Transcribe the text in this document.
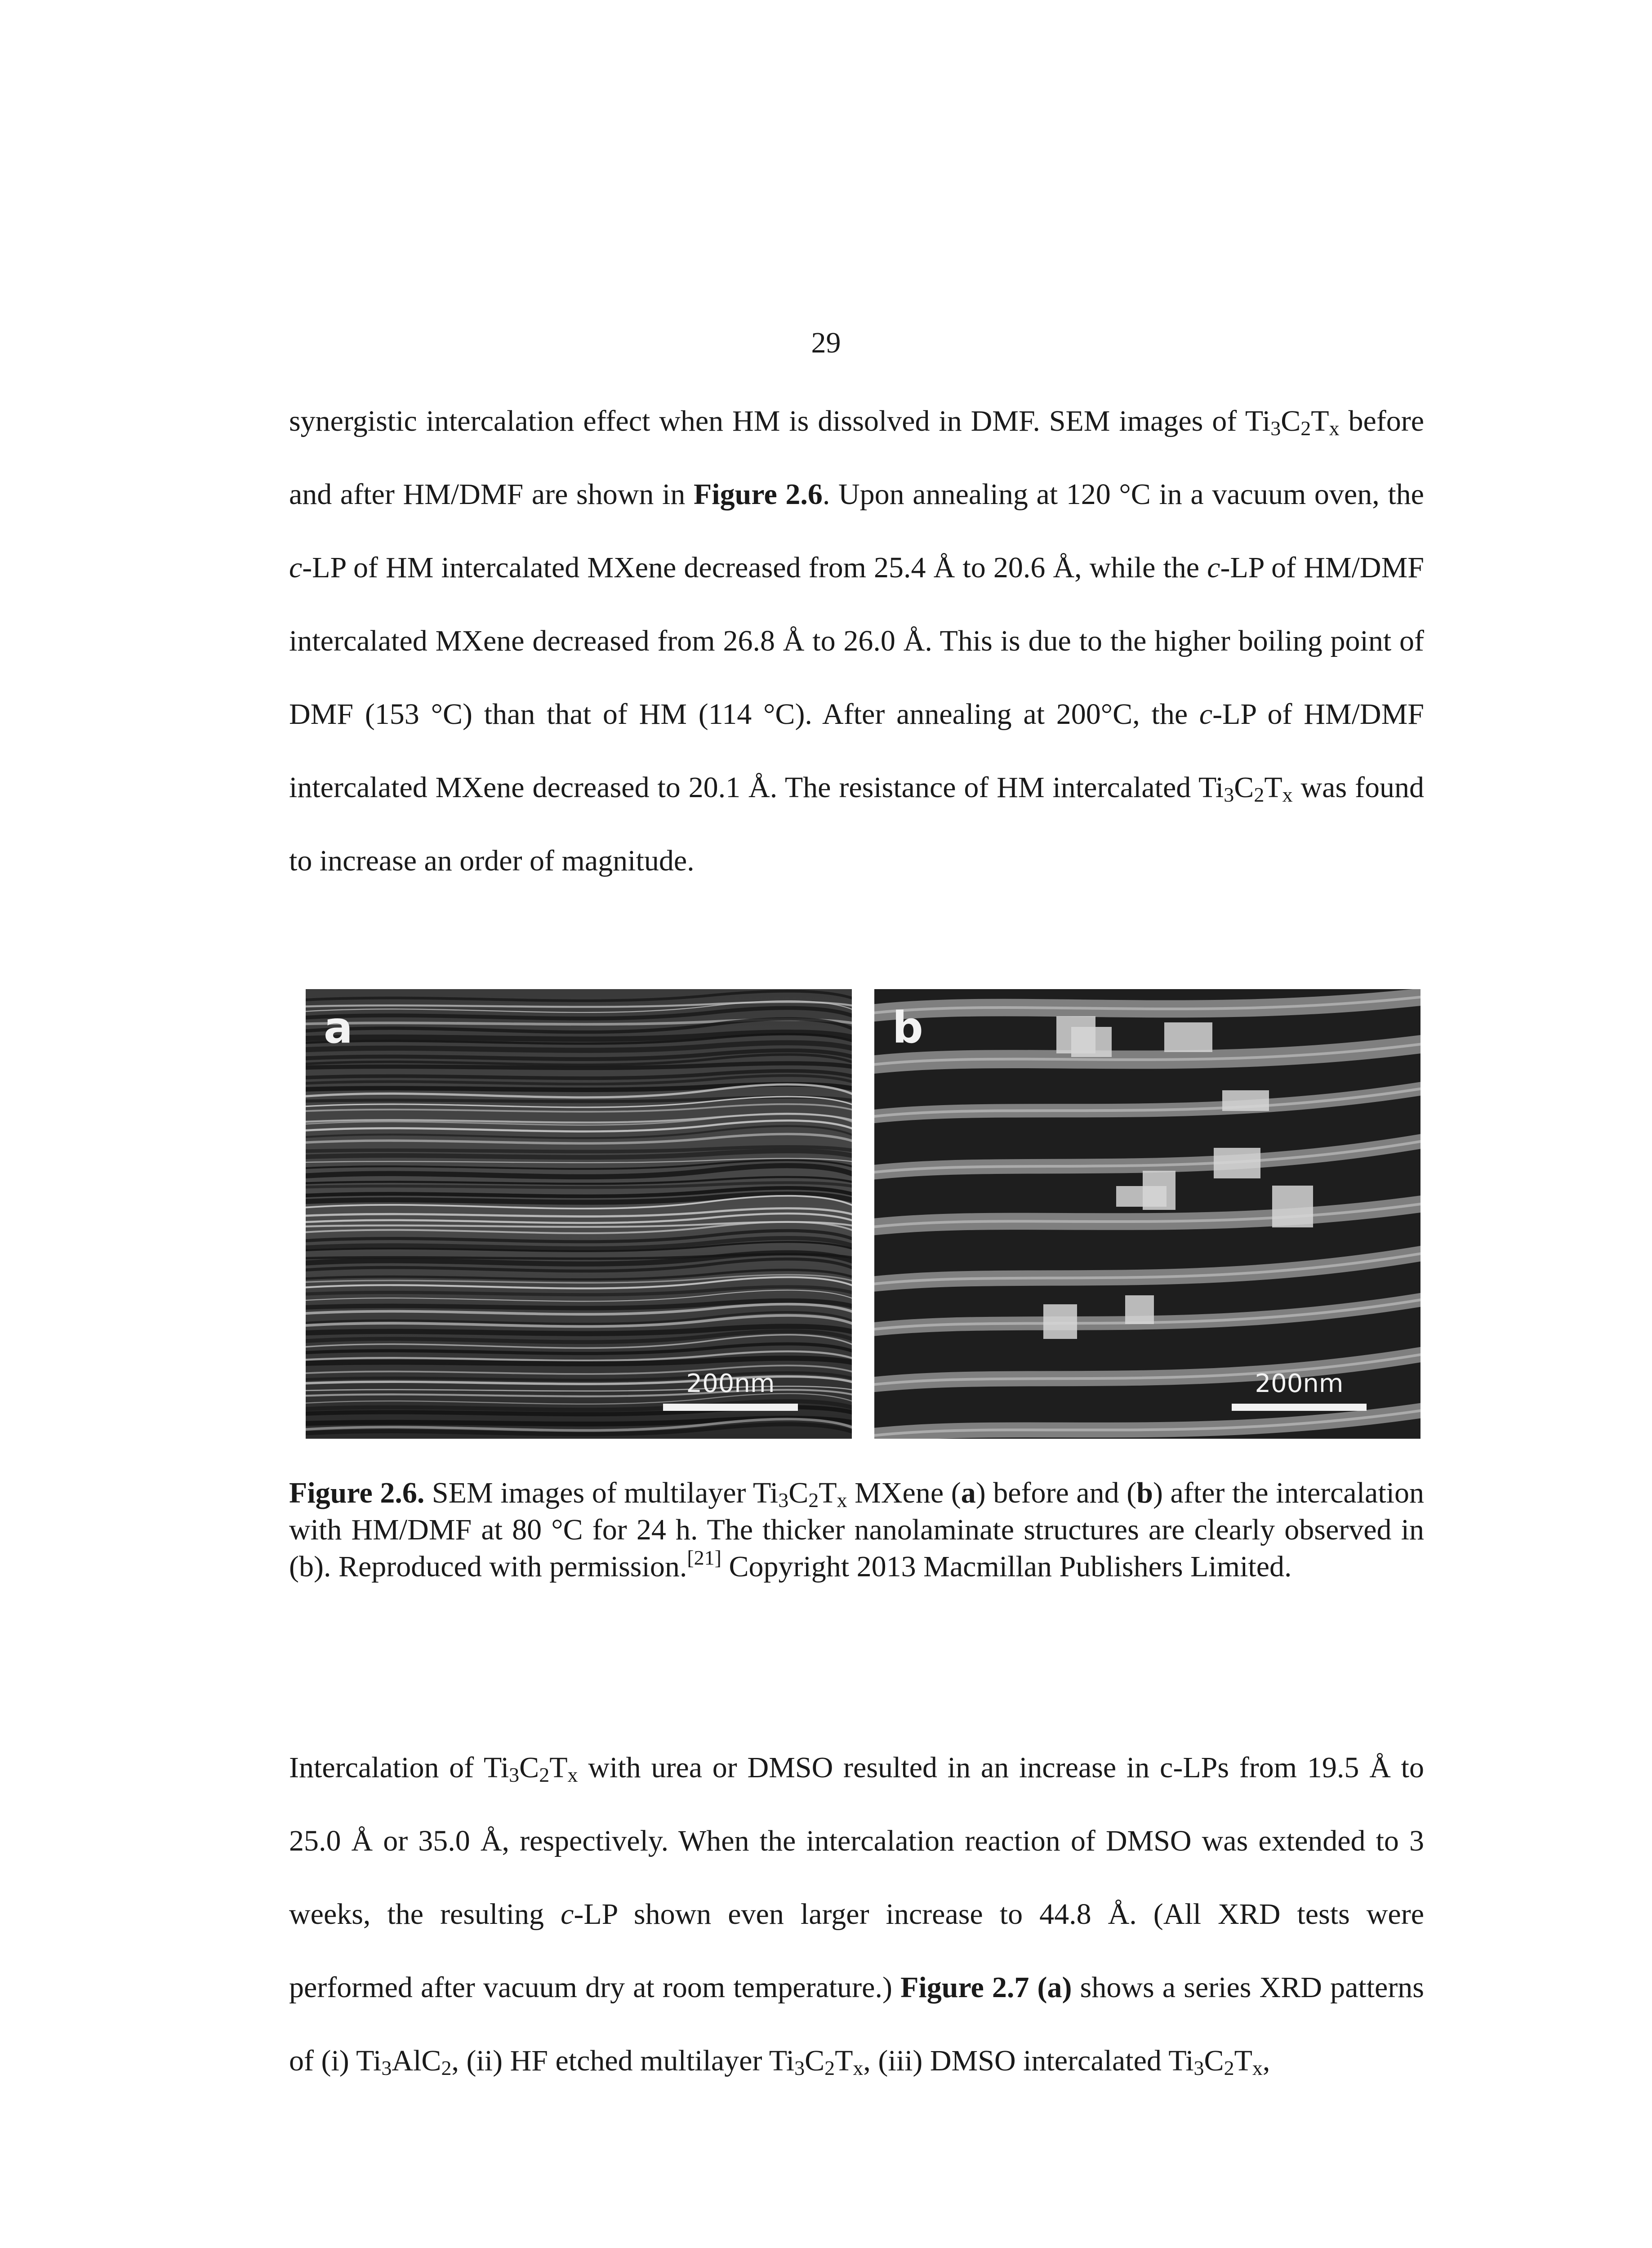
29

synergistic intercalation effect when HM is dissolved in DMF. SEM images of $Ti_3C_2T_x$ before and after HM/DMF are shown in Figure 2.6. Upon annealing at 120 °C in a vacuum oven, the c-LP of HM intercalated MXene decreased from 25.4 Å to 20.6 Å, while the c-LP of HM/DMF intercalated MXene decreased from 26.8 Å to 26.0 Å. This is due to the higher boiling point of DMF (153 °C) than that of HM (114 °C). After annealing at 200°C, the c-LP of HM/DMF intercalated MXene decreased to 20.1 Å. The resistance of HM intercalated $Ti_3C_2T_x$ was found to increase an order of magnitude.

a
200nm
b
200nm

Figure 2.6. SEM images of multilayer $Ti_3C_2T_x$ MXene (a) before and (b) after the intercalation with HM/DMF at 80 °C for 24 h. The thicker nanolaminate structures are clearly observed in (b). Reproduced with permission.[21] Copyright 2013 Macmillan Publishers Limited.

Intercalation of $Ti_3C_2T_x$ with urea or DMSO resulted in an increase in c-LPs from 19.5 Å to 25.0 Å or 35.0 Å, respectively. When the intercalation reaction of DMSO was extended to 3 weeks, the resulting c-LP shown even larger increase to 44.8 Å. (All XRD tests were performed after vacuum dry at room temperature.) Figure 2.7 (a) shows a series XRD patterns of (i) $Ti_3AlC_2$, (ii) HF etched multilayer $Ti_3C_2T_x$, (iii) DMSO intercalated $Ti_3C_2T_x$,
